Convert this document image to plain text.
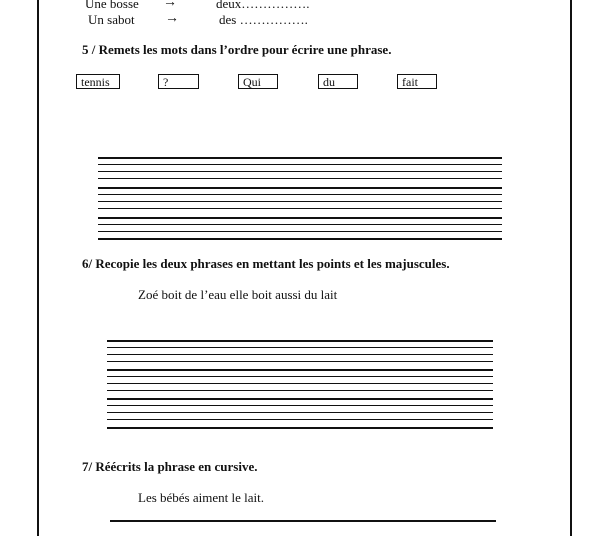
Une bosse →	deux…………….
Un sabot →	des …………….
5 / Remets les mots dans l’ordre pour écrire une phrase.
tennis	?	Qui	du	fait
6/ Recopie les deux phrases en mettant les points et les majuscules.
Zoé boit de l’eau elle boit aussi du lait
7/ Réécrits la phrase en cursive.
Les bébés aiment le lait.
